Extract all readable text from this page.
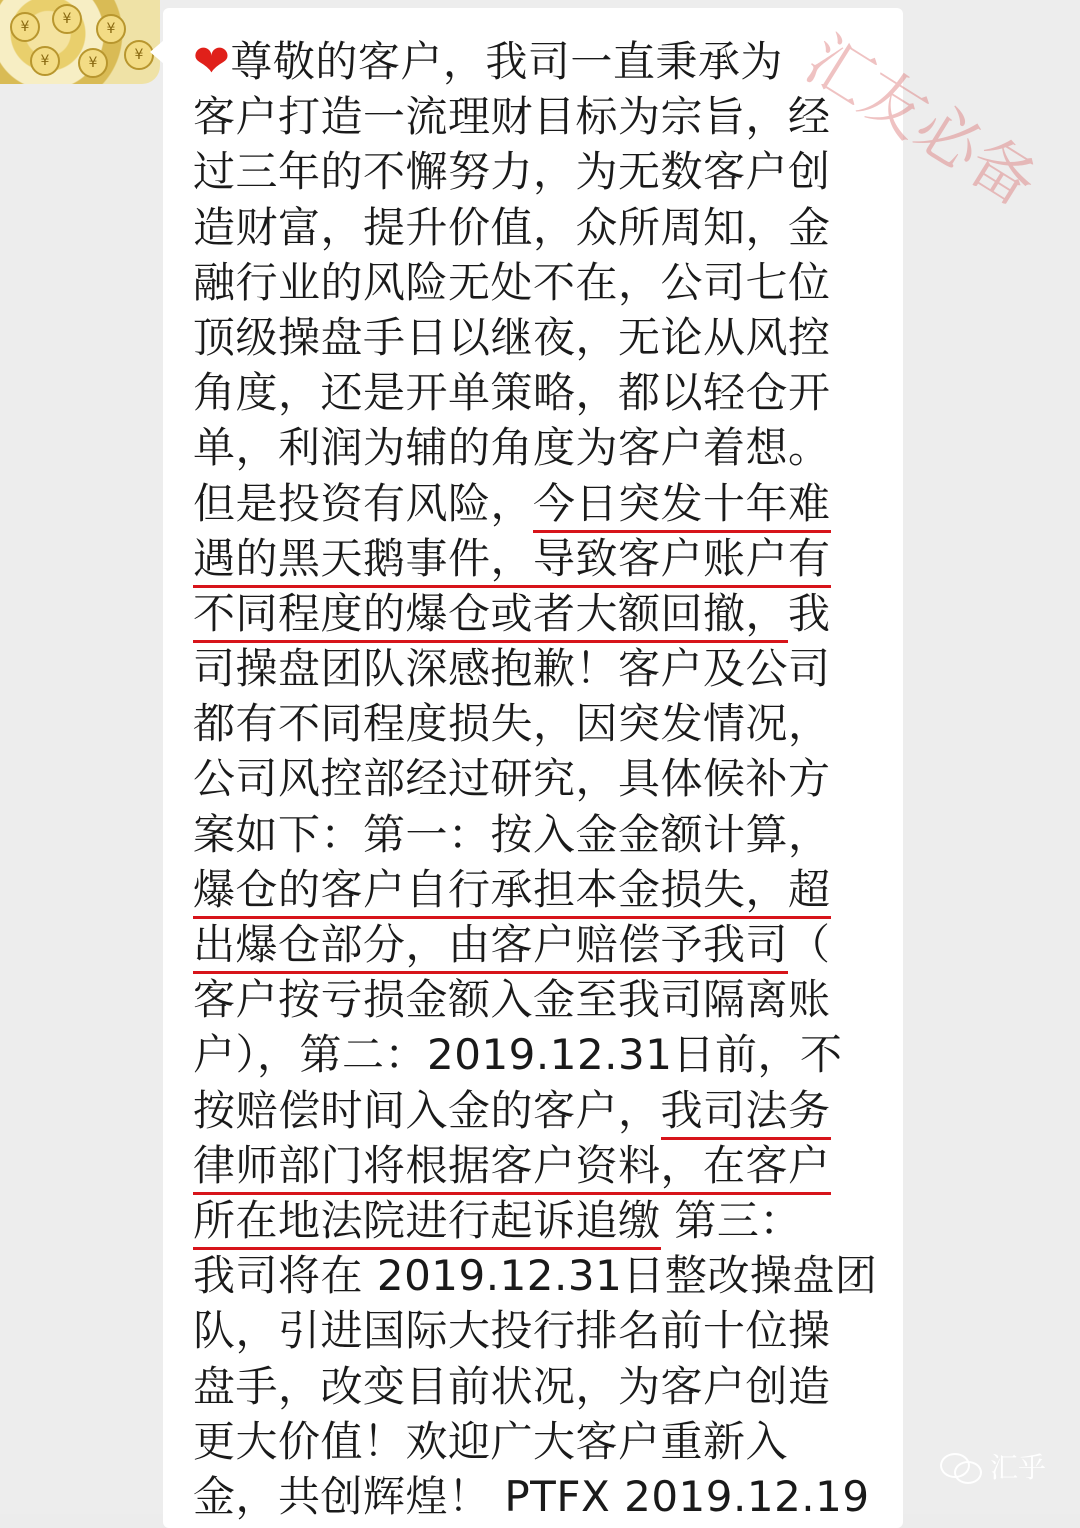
¥	¥
¥
¥	¥	¥ ❤尊敬的客户，我司一直秉承为
客户打造一流理财目标为宗旨，经
过三年的不懈努力，为无数客户创
造财富，提升价值，众所周知，金
融行业的风险无处不在，公司七位
顶级操盘手日以继夜，无论从风控
角度，还是开单策略，都以轻仓开
单，利润为辅的角度为客户着想。
但是投资有风险，今日突发十年难
遇的黑天鹅事件，导致客户账户有
不同程度的爆仓或者大额回撤，我
司操盘团队深感抱歉！客户及公司
都有不同程度损失，因突发情况，
公司风控部经过研究，具体候补方
案如下：第一：按入金金额计算，
爆仓的客户自行承担本金损失，超
出爆仓部分，由客户赔偿予我司（
客户按亏损金额入金至我司隔离账
户），第二：2019.12.31日前，不
按赔偿时间入金的客户，我司法务
律师部门将根据客户资料，在客户
所在地法院进行起诉追缴 第三：
我司将在 2019.12.31日整改操盘团
队，引进国际大投行排名前十位操
盘手，改变目前状况，为客户创造
更大价值！欢迎广大客户重新入
金，共创辉煌！ PTFX 2019.12.19
汇友必备
汇乎
